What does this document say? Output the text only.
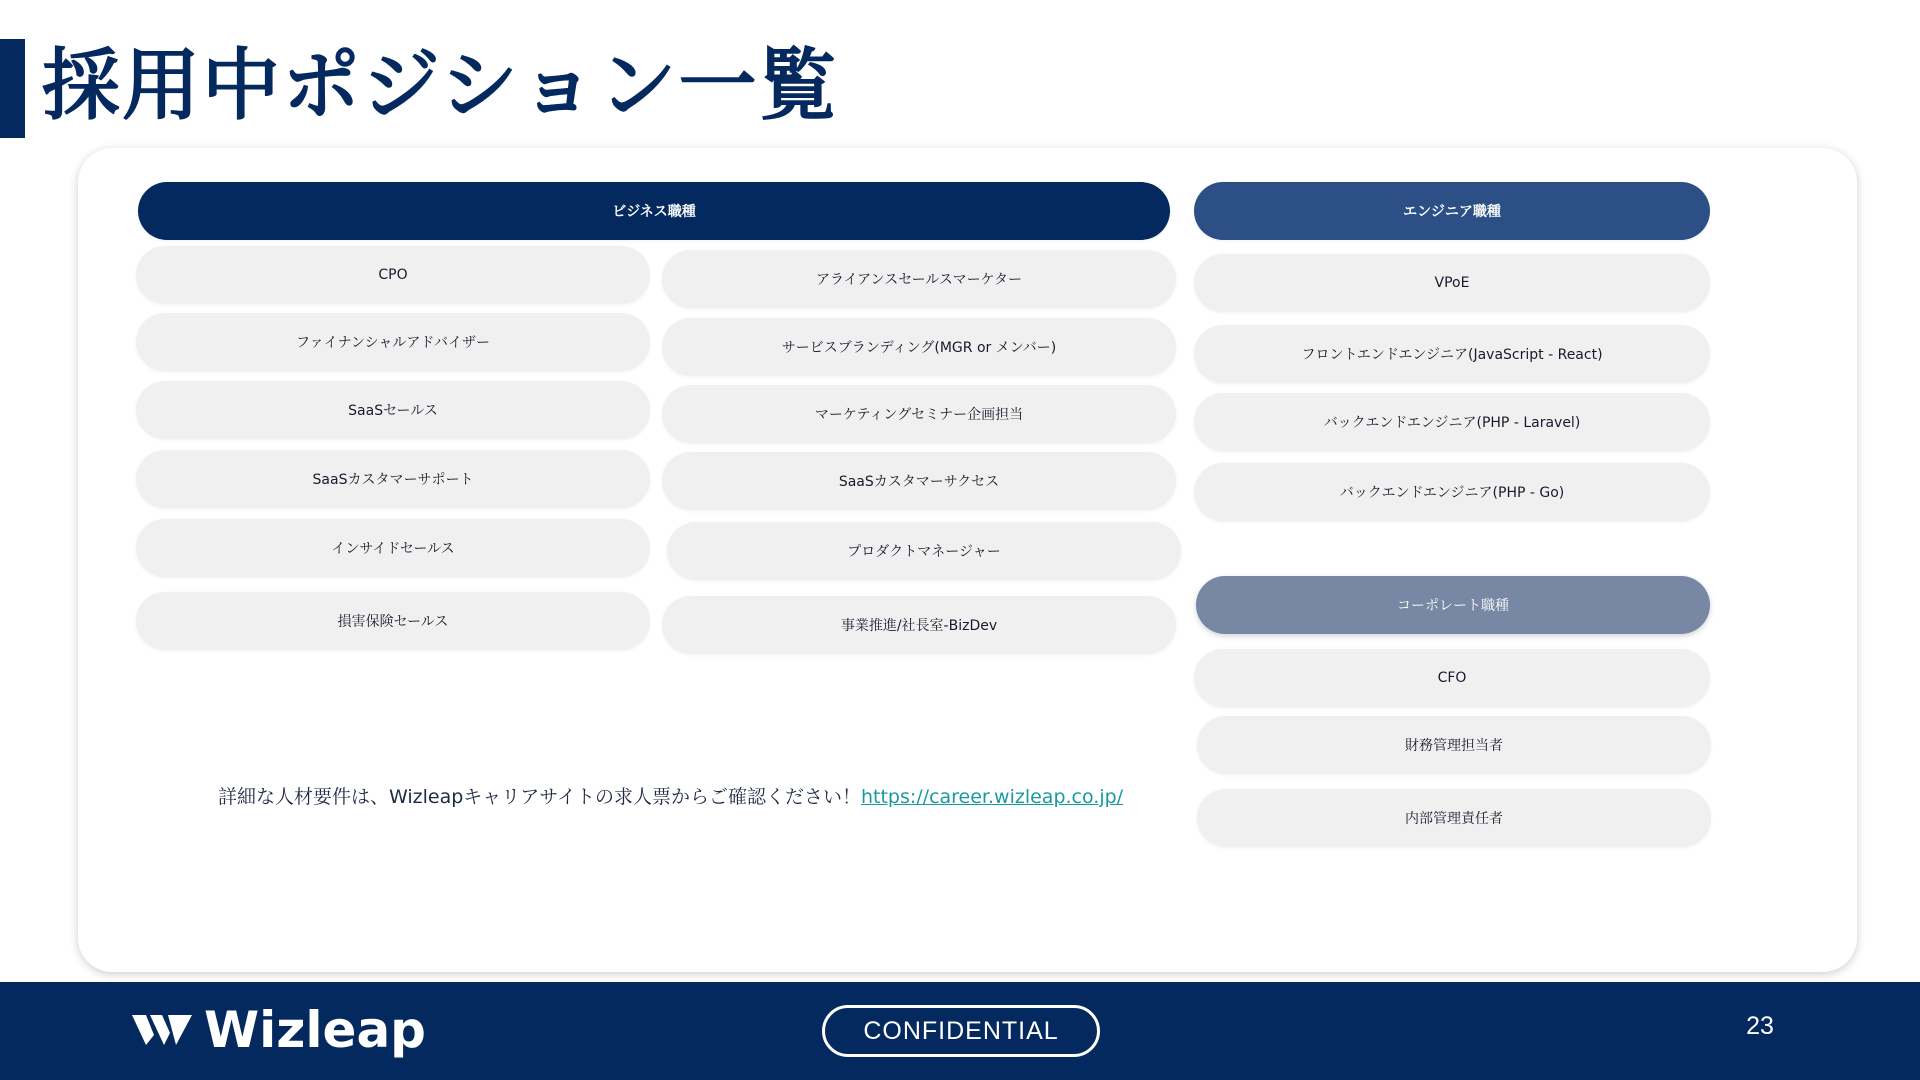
採用中ポジション一覧
ビジネス職種
CPO
ファイナンシャルアドバイザー
SaaSセールス
SaaSカスタマーサポート
インサイドセールス
損害保険セールス
アライアンスセールスマーケター
サービスブランディング(MGR or メンバー)
マーケティングセミナー企画担当
SaaSカスタマーサクセス
プロダクトマネージャー
事業推進/社長室-BizDev
エンジニア職種
VPoE
フロントエンドエンジニア(JavaScript - React)
バックエンドエンジニア(PHP - Laravel)
バックエンドエンジニア(PHP - Go)
コーポレート職種
CFO
財務管理担当者
内部管理責任者
詳細な人材要件は、Wizleapキャリアサイトの求人票からご確認ください！https://career.wizleap.co.jp/
Wizleap	CONFIDENTIAL	23
